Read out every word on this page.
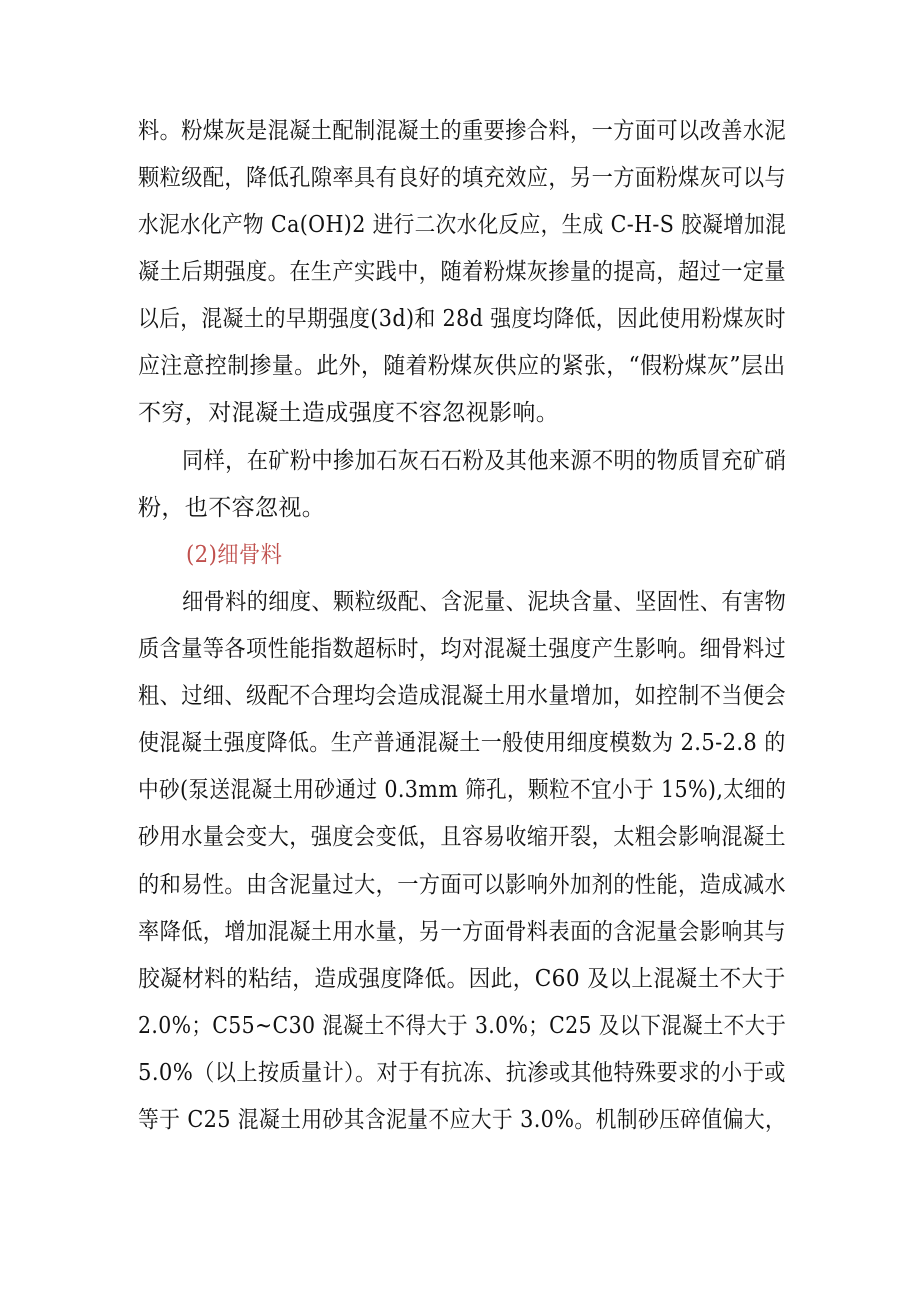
料。粉煤灰是混凝土配制混凝土的重要掺合料，一方面可以改善水泥
颗粒级配，降低孔隙率具有良好的填充效应，另一方面粉煤灰可以与
水泥水化产物 Ca(OH)2 进行二次水化反应，生成 C-H-S 胶凝增加混
凝土后期强度。在生产实践中，随着粉煤灰掺量的提高，超过一定量
以后，混凝土的早期强度(3d)和 28d 强度均降低，因此使用粉煤灰时
应注意控制掺量。此外，随着粉煤灰供应的紧张，“假粉煤灰”层出
不穷，对混凝土造成强度不容忽视影响。
同样，在矿粉中掺加石灰石石粉及其他来源不明的物质冒充矿硝
粉，也不容忽视。
(2)细骨料
细骨料的细度、颗粒级配、含泥量、泥块含量、坚固性、有害物
质含量等各项性能指数超标时，均对混凝土强度产生影响。细骨料过
粗、过细、级配不合理均会造成混凝土用水量增加，如控制不当便会
使混凝土强度降低。生产普通混凝土一般使用细度模数为 2.5-2.8 的
中砂(泵送混凝土用砂通过 0.3mm 筛孔，颗粒不宜小于 15%),太细的
砂用水量会变大，强度会变低，且容易收缩开裂，太粗会影响混凝土
的和易性。由含泥量过大，一方面可以影响外加剂的性能，造成减水
率降低，增加混凝土用水量，另一方面骨料表面的含泥量会影响其与
胶凝材料的粘结，造成强度降低。因此，C60 及以上混凝土不大于
2.0%；C55~C30 混凝土不得大于 3.0%；C25 及以下混凝土不大于
5.0%（以上按质量计）。对于有抗冻、抗渗或其他特殊要求的小于或
等于 C25 混凝土用砂其含泥量不应大于 3.0%。机制砂压碎值偏大，
